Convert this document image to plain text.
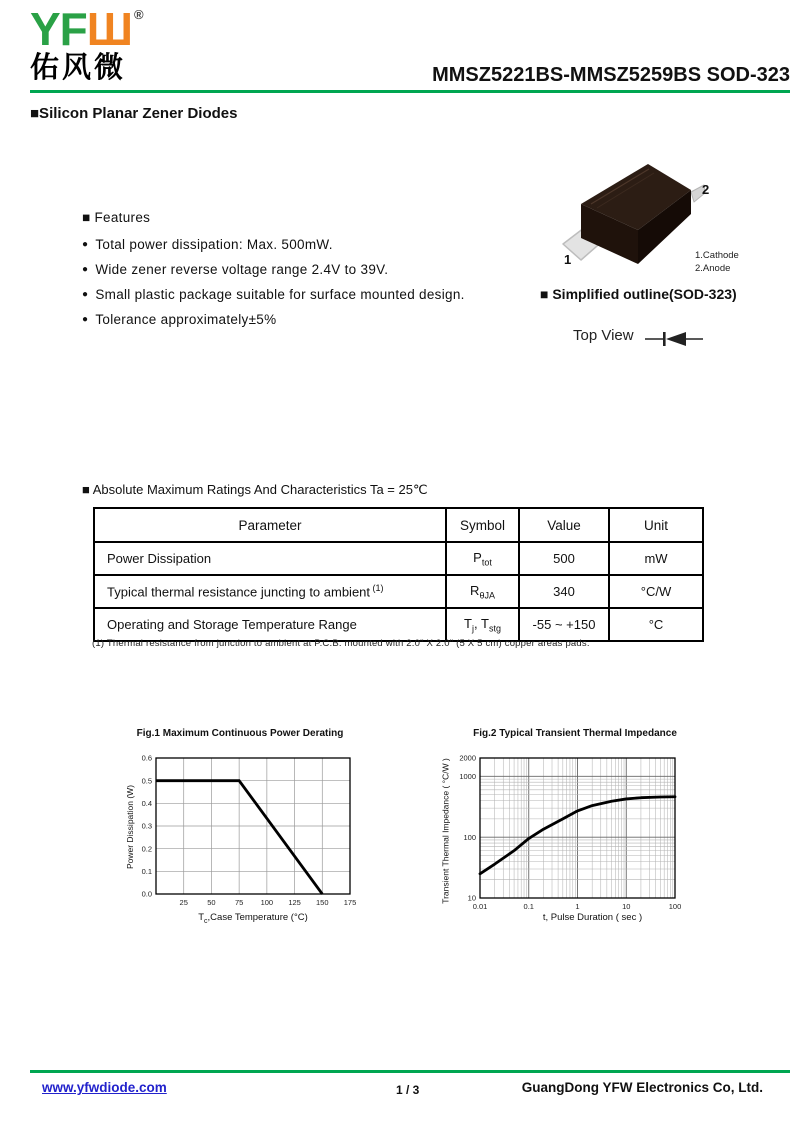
YFШ ®
佑风微	MMSZ5221BS-MMSZ5259BS SOD-323
■Silicon Planar Zener Diodes
■ Features
● Total power dissipation: Max. 500mW.
● Wide zener reverse voltage range 2.4V to 39V.
● Small plastic package suitable for surface mounted design.
● Tolerance approximately±5%
2
1	1.Cathode
2.Anode
■ Simplified outline(SOD-323)
Top View
■ Absolute Maximum Ratings And Characteristics Ta = 25℃
Parameter	Symbol	Value	Unit
Power Dissipation	$P_{tot}$	500	mW
Typical thermal resistance juncting to ambient $^{(1)}$	$R_{\theta JA}$	340	°C/W
Operating and Storage Temperature Range	$T_j$, $T_{stg}$	-55 ~ +150	°C
(1) Thermal resistance from junction to ambient at P.C.B. mounted with 2.0" X 2.0" (5 X 5 cm) copper areas pads.
Fig.1 Maximum Continuous Power Derating
25	50	75 100 125 150 175
0.0
0.1
0.2
0.3
0.4
0.5
0.6
Power Dissipation (W)
$T_c,Case$ Temperature (°C)
Fig.2 Typical Transient Thermal Impedance
0.01	0.1	1	10	100
10
100
1000
2000
Transient Thermal Impedance ( °C/W )
t, Pulse Duration ( sec )
www.yfwdiode.com	1 / 3	GuangDong YFW Electronics Co, Ltd.
